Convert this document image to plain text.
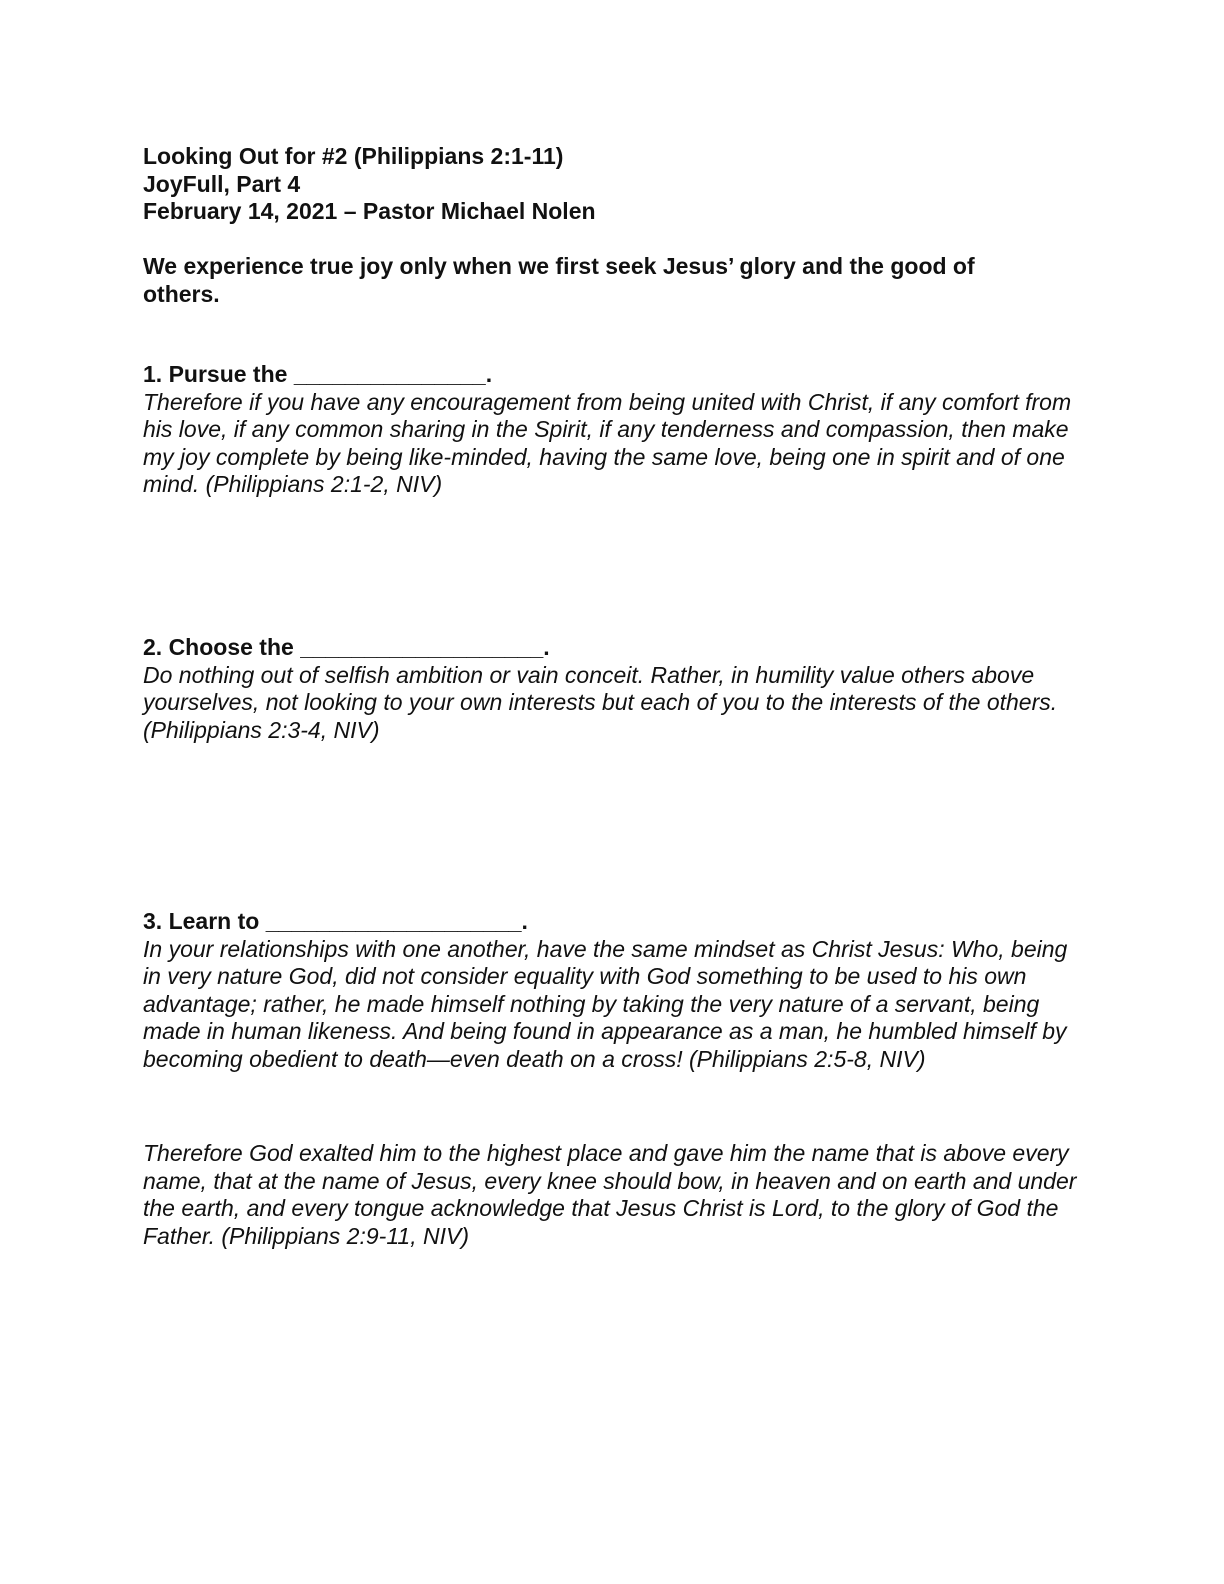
Looking Out for #2 (Philippians 2:1-11)

JoyFull, Part 4

February 14, 2021 – Pastor Michael Nolen

We experience true joy only when we first seek Jesus’ glory and the good of others.

1. Pursue the _______________.

Therefore if you have any encouragement from being united with Christ, if any comfort from his love, if any common sharing in the Spirit, if any tenderness and compassion, then make my joy complete by being like-minded, having the same love, being one in spirit and of one mind. (Philippians 2:1-2, NIV)

2. Choose the ___________________.

Do nothing out of selfish ambition or vain conceit. Rather, in humility value others above yourselves, not looking to your own interests but each of you to the interests of the others. (Philippians 2:3-4, NIV)

3. Learn to ____________________.

In your relationships with one another, have the same mindset as Christ Jesus: Who, being in very nature God, did not consider equality with God something to be used to his own advantage; rather, he made himself nothing by taking the very nature of a servant, being made in human likeness. And being found in appearance as a man, he humbled himself by becoming obedient to death—even death on a cross! (Philippians 2:5-8, NIV)

Therefore God exalted him to the highest place and gave him the name that is above every name, that at the name of Jesus, every knee should bow, in heaven and on earth and under the earth, and every tongue acknowledge that Jesus Christ is Lord, to the glory of God the Father. (Philippians 2:9-11, NIV)
